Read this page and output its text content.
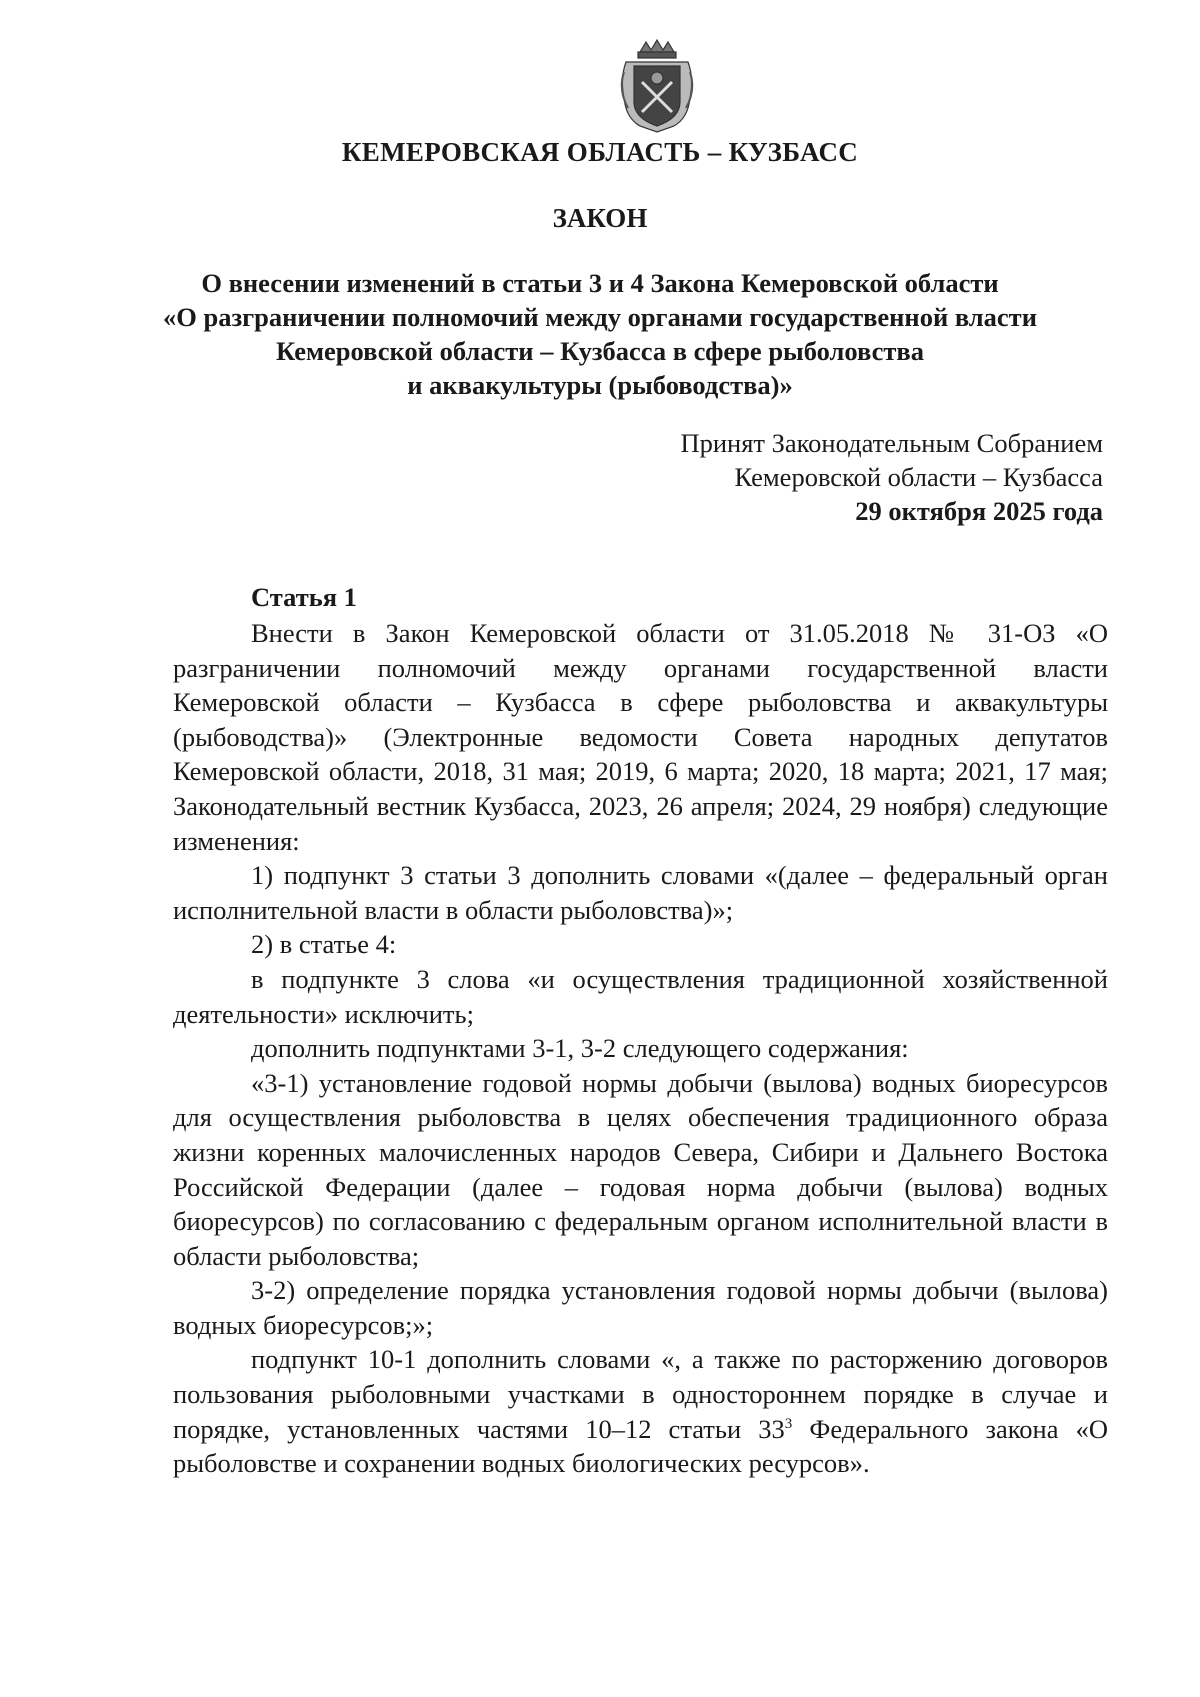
КЕМЕРОВСКАЯ ОБЛАСТЬ – КУЗБАСС
ЗАКОН
О внесении изменений в статьи 3 и 4 Закона Кемеровской области
«О разграничении полномочий между органами государственной власти
Кемеровской области – Кузбасса в сфере рыболовства
и аквакультуры (рыбоводства)»
Принят Законодательным Собранием
Кемеровской области – Кузбасса
29 октября 2025 года
Статья 1

Внести в Закон Кемеровской области от 31.05.2018 № 31-ОЗ «О разграничении полномочий между органами государственной власти Кемеровской области – Кузбасса в сфере рыболовства и аквакультуры (рыбоводства)» (Электронные ведомости Совета народных депутатов Кемеровской области, 2018, 31 мая; 2019, 6 марта; 2020, 18 марта; 2021, 17 мая; Законодательный вестник Кузбасса, 2023, 26 апреля; 2024, 29 ноября) следующие изменения:

1) подпункт 3 статьи 3 дополнить словами «(далее – федеральный орган исполнительной власти в области рыболовства)»;

2) в статье 4:

в подпункте 3 слова «и осуществления традиционной хозяйственной деятельности» исключить;

дополнить подпунктами 3-1, 3-2 следующего содержания:

«3-1) установление годовой нормы добычи (вылова) водных биоресурсов для осуществления рыболовства в целях обеспечения традиционного образа жизни коренных малочисленных народов Севера, Сибири и Дальнего Востока Российской Федерации (далее – годовая норма добычи (вылова) водных биоресурсов) по согласованию с федеральным органом исполнительной власти в области рыболовства;

3-2) определение порядка установления годовой нормы добычи (вылова) водных биоресурсов;»;

подпункт 10-1 дополнить словами «, а также по расторжению договоров пользования рыболовными участками в одностороннем порядке в случае и порядке, установленных частями 10–12 статьи $33^3$ Федерального закона «О рыболовстве и сохранении водных биологических ресурсов».
